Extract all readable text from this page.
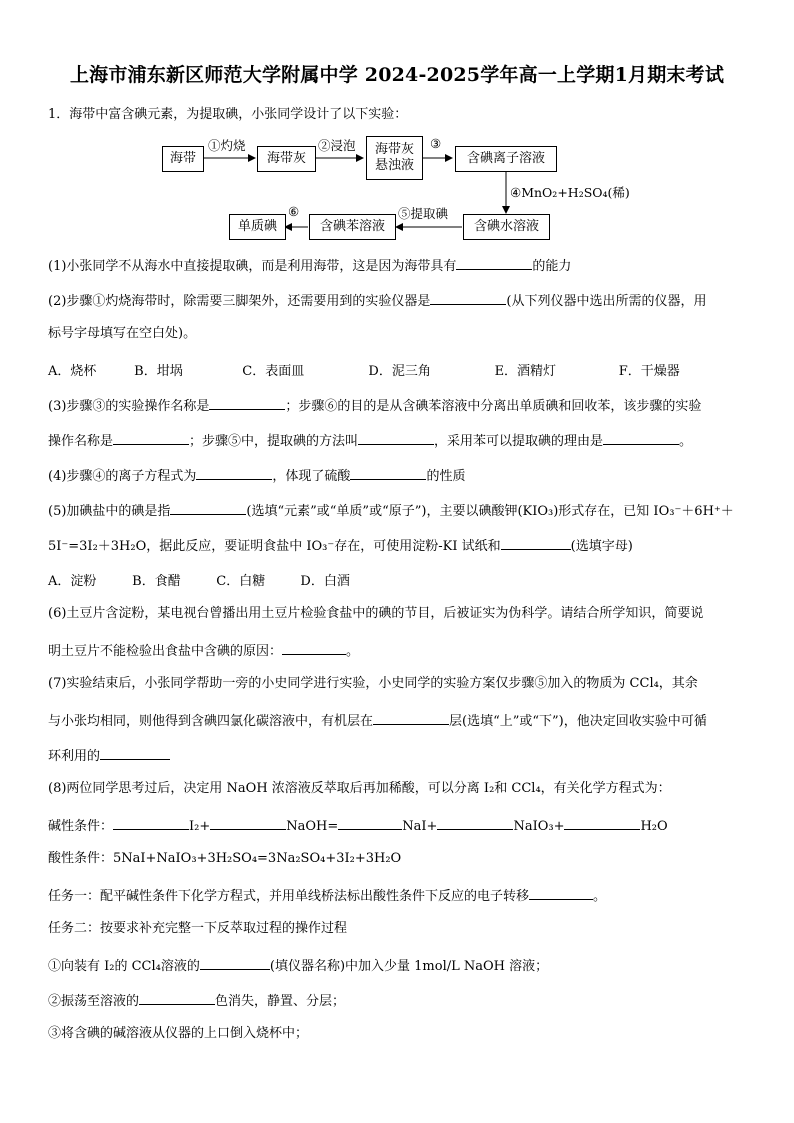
上海市浦东新区师范大学附属中学 2024-2025学年高一上学期1月期末考试
1．海带中富含碘元素，为提取碘，小张同学设计了以下实验：
海带	海带灰
海带灰
悬浊液	含碘离子溶液
含碘水溶液
含碘苯溶液
单质碘
①灼烧	②浸泡	③
④MnO₂+H₂SO₄(稀)
⑤提取碘
⑥
(1)小张同学不从海水中直接提取碘，而是利用海带，这是因为海带具有	的能力
(2)步骤①灼烧海带时，除需要三脚架外，还需要用到的实验仪器是	(从下列仪器中选出所需的仪器，用
标号字母填写在空白处)。
A．烧杯	B．坩埚	C．表面皿	D．泥三角	E．酒精灯	F．干燥器
(3)步骤③的实验操作名称是	；步骤⑥的目的是从含碘苯溶液中分离出单质碘和回收苯，该步骤的实验
操作名称是	；步骤⑤中，提取碘的方法叫	，采用苯可以提取碘的理由是	。
(4)步骤④的离子方程式为	，体现了硫酸	的性质
(5)加碘盐中的碘是指	(选填“元素”或“单质”或“原子”)，主要以碘酸钾(KIO₃)形式存在，已知 IO₃⁻＋6H⁺＋
5I⁻=3I₂＋3H₂O，据此反应，要证明食盐中 IO₃⁻存在，可使用淀粉-KI 试纸和	(选填字母)
A．淀粉	B．食醋	C．白糖	D．白酒
(6)土豆片含淀粉，某电视台曾播出用土豆片检验食盐中的碘的节目，后被证实为伪科学。请结合所学知识，简要说
明土豆片不能检验出食盐中含碘的原因：	。
(7)实验结束后，小张同学帮助一旁的小史同学进行实验，小史同学的实验方案仅步骤⑤加入的物质为 CCl₄，其余
与小张均相同，则他得到含碘四氯化碳溶液中，有机层在	层(选填“上”或“下”)，他决定回收实验中可循
环利用的
(8)两位同学思考过后，决定用 NaOH 浓溶液反萃取后再加稀酸，可以分离 I₂和 CCl₄，有关化学方程式为：
碱性条件：	I₂+	NaOH=	NaI+	NaIO₃+	H₂O
酸性条件：5NaI+NaIO₃+3H₂SO₄=3Na₂SO₄+3I₂+3H₂O
任务一：配平碱性条件下化学方程式，并用单线桥法标出酸性条件下反应的电子转移	。
任务二：按要求补充完整一下反萃取过程的操作过程
①向装有 I₂的 CCl₄溶液的	(填仪器名称)中加入少量 1mol/L NaOH 溶液；
②振荡至溶液的	色消失，静置、分层；
③将含碘的碱溶液从仪器的上口倒入烧杯中；
